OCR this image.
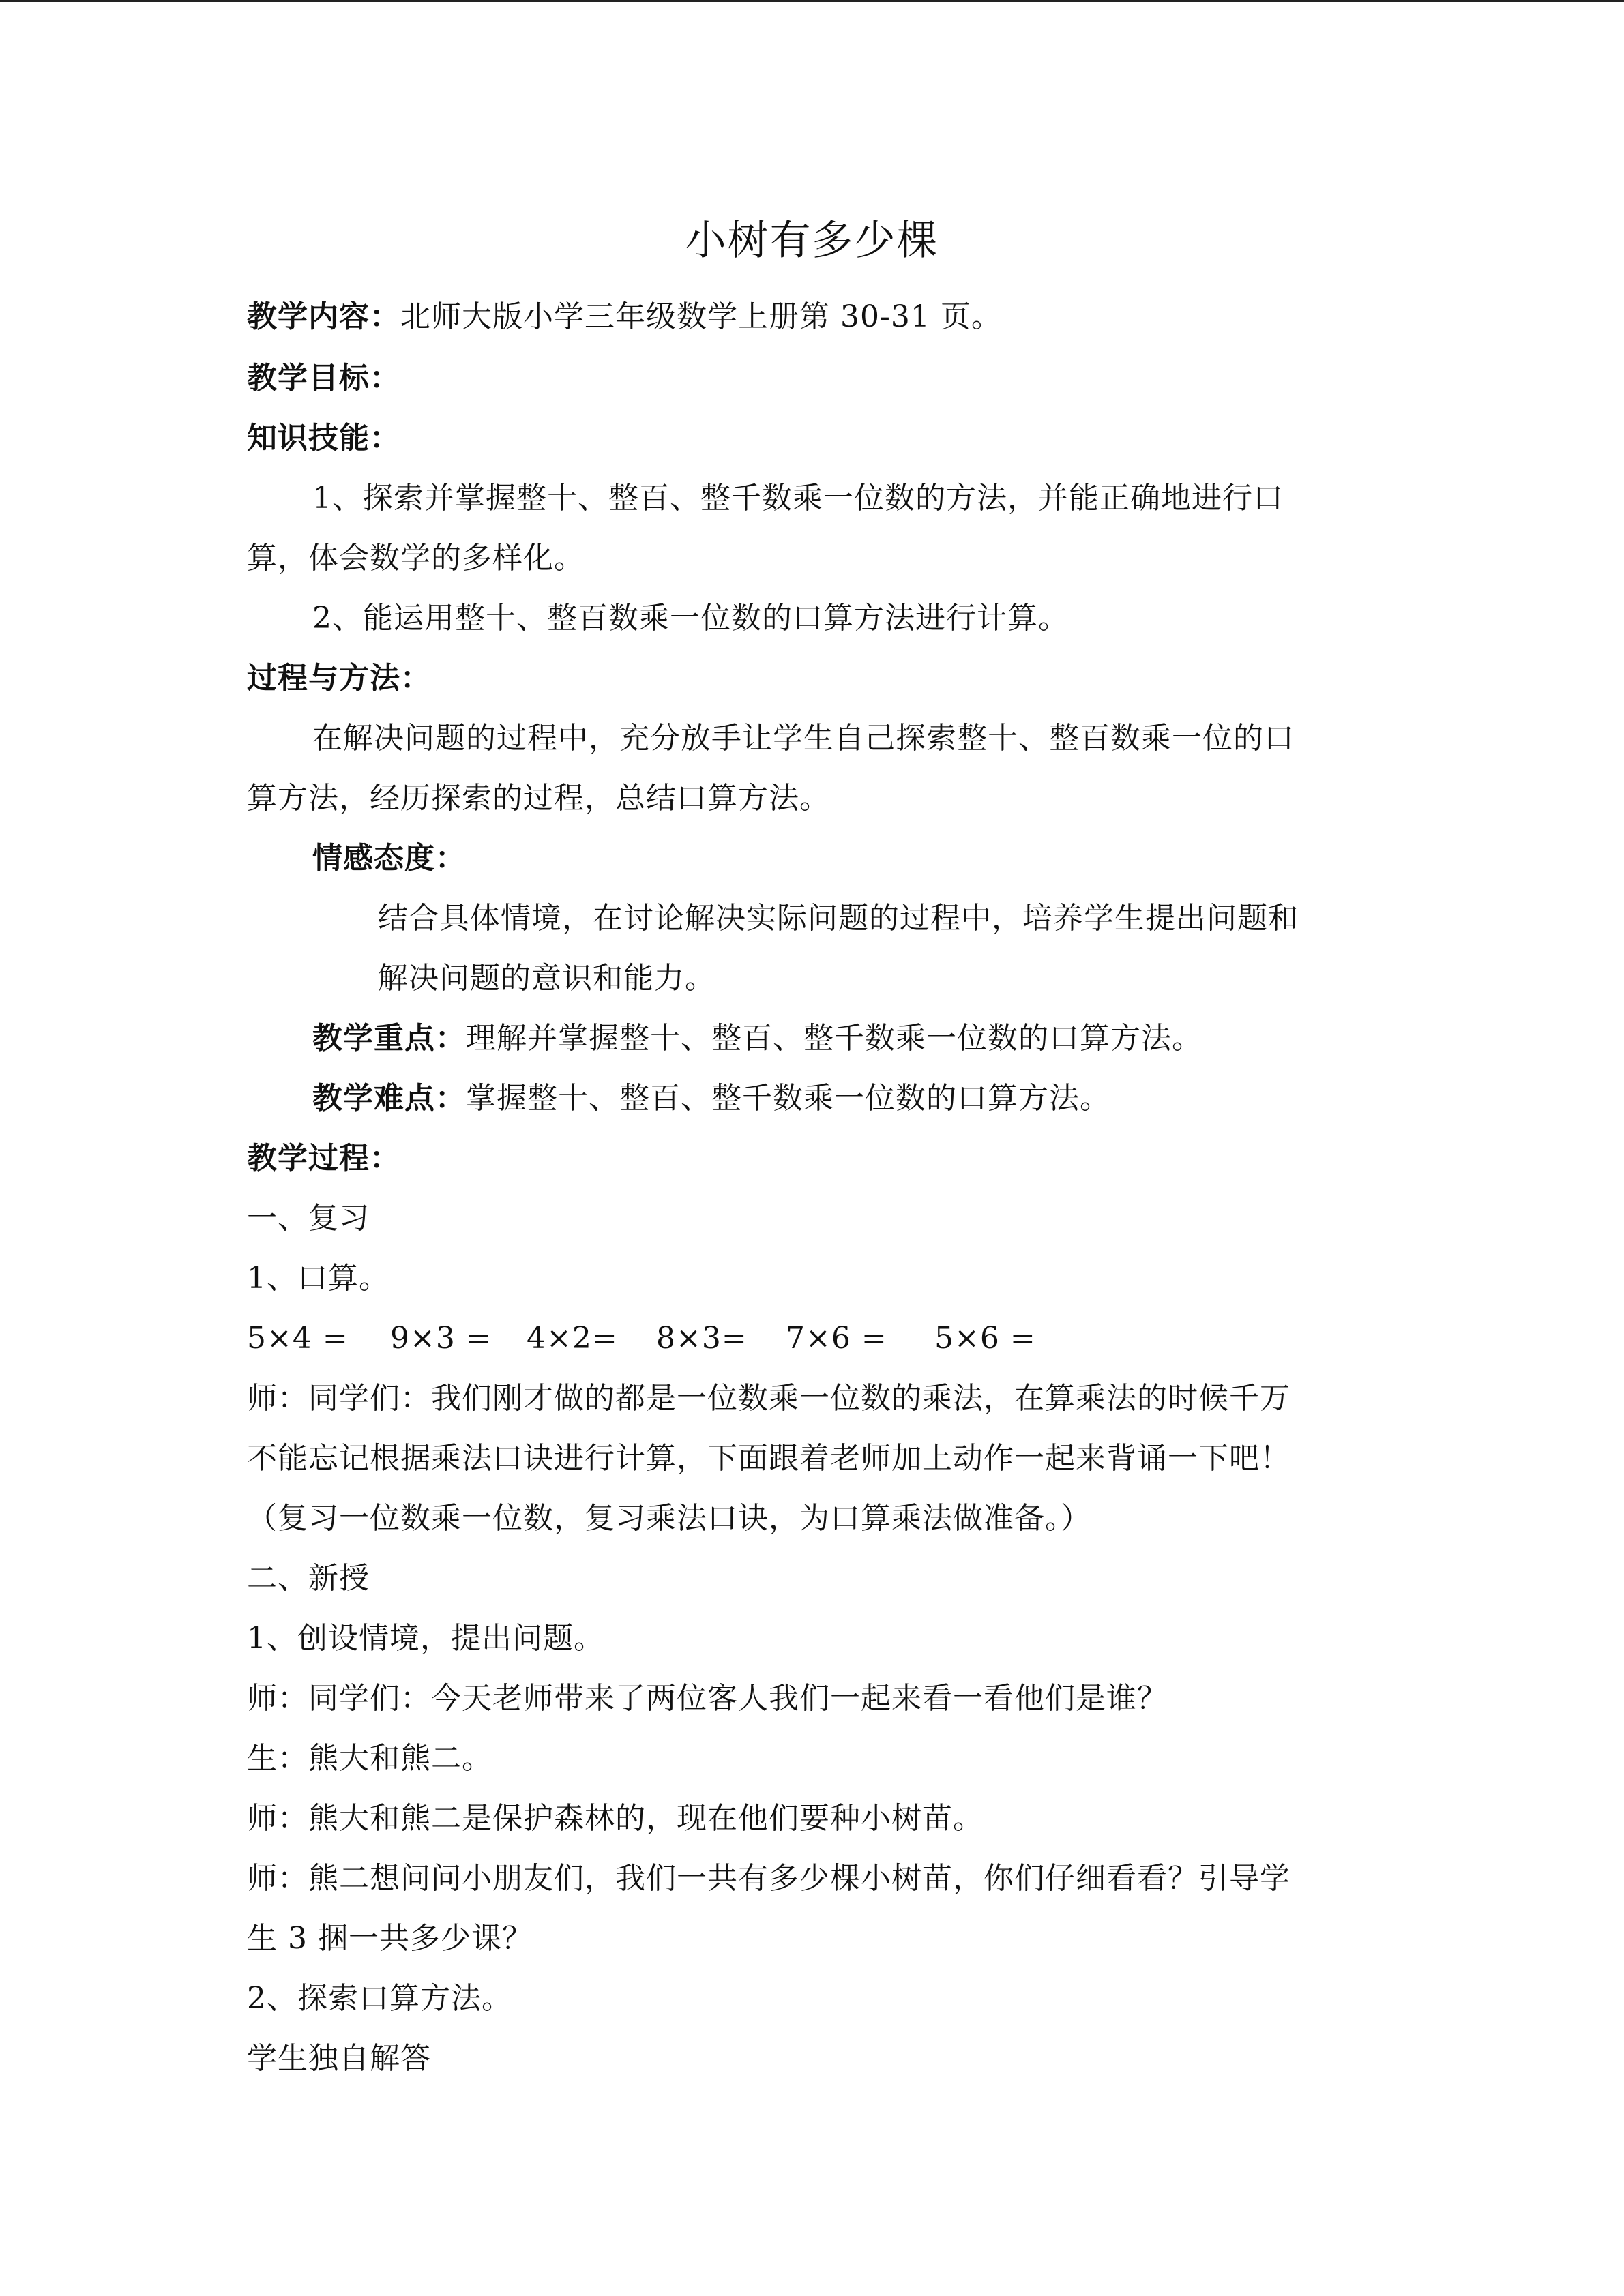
小树有多少棵
教学内容：北师大版小学三年级数学上册第 30-31 页。
教学目标：
知识技能：
1、探索并掌握整十、整百、整千数乘一位数的方法，并能正确地进行口
算，体会数学的多样化。
2、能运用整十、整百数乘一位数的口算方法进行计算。
过程与方法：
在解决问题的过程中，充分放手让学生自己探索整十、整百数乘一位的口
算方法，经历探索的过程，总结口算方法。
情感态度：
结合具体情境，在讨论解决实际问题的过程中，培养学生提出问题和
解决问题的意识和能力。
教学重点：理解并掌握整十、整百、整千数乘一位数的口算方法。
教学难点：掌握整十、整百、整千数乘一位数的口算方法。
教学过程：
一、复习
1、口算。
5×4 = 9×3 = 4×2= 8×3= 7×6 = 5×6 =
师：同学们：我们刚才做的都是一位数乘一位数的乘法，在算乘法的时候千万
不能忘记根据乘法口诀进行计算，下面跟着老师加上动作一起来背诵一下吧！
（复习一位数乘一位数，复习乘法口诀，为口算乘法做准备。）
二、新授
1、创设情境，提出问题。
师：同学们：今天老师带来了两位客人我们一起来看一看他们是谁？
生：熊大和熊二。
师：熊大和熊二是保护森林的，现在他们要种小树苗。
师：熊二想问问小朋友们，我们一共有多少棵小树苗，你们仔细看看？引导学
生 3 捆一共多少课？
2、探索口算方法。
学生独自解答
